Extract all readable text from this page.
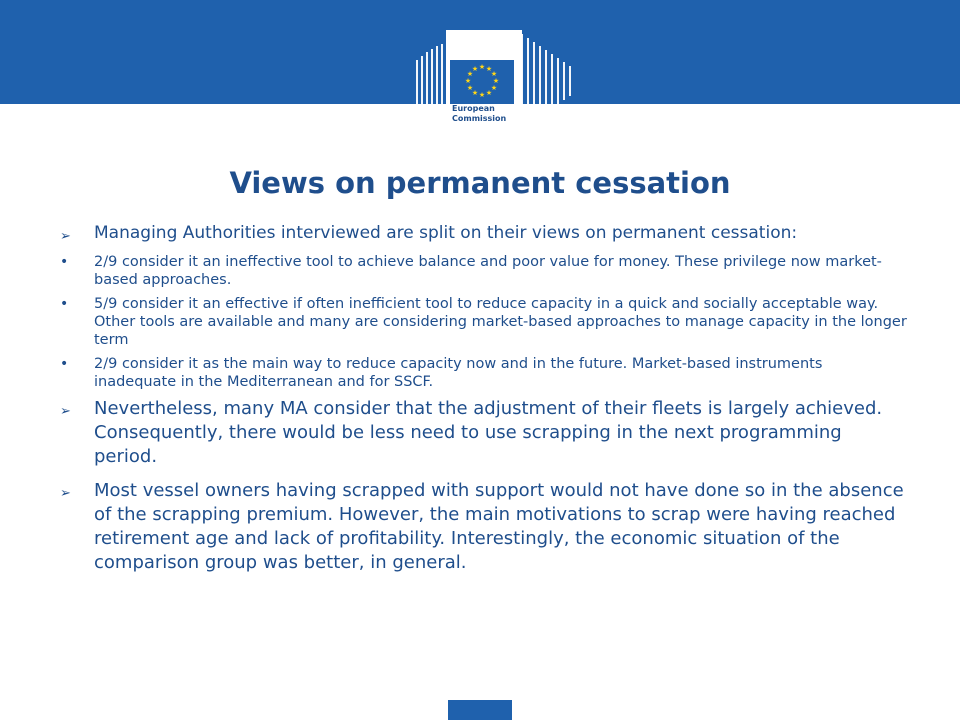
★ ★
★
★
★
★
★
★
★
★
★
★
European
Commission
Views on permanent cessation
➢ Managing Authorities interviewed are split on their views on permanent cessation:
• 2/9 consider it an ineffective tool to achieve balance and poor value for money. These privilege now market-based approaches.
• 5/9 consider it an effective if often inefficient tool to reduce capacity in a quick and socially acceptable way. Other tools are available and many are considering market-based approaches to manage capacity in the longer term
• 2/9 consider it as the main way to reduce capacity now and in the future. Market-based instruments inadequate in the Mediterranean and for SSCF.
➢ Nevertheless, many MA consider that the adjustment of their fleets is largely achieved. Consequently, there would be less need to use scrapping in the next programming period.
➢ Most vessel owners having scrapped with support would not have done so in the absence of the scrapping premium. However, the main motivations to scrap were having reached retirement age and lack of profitability. Interestingly, the economic situation of the comparison group was better, in general.
